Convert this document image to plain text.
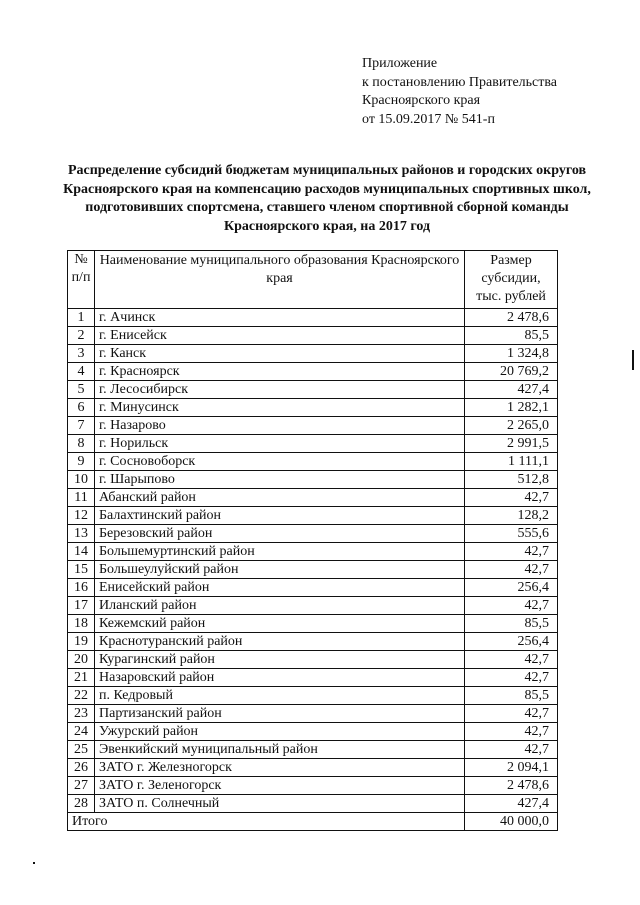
Приложение
к постановлению Правительства
Красноярского края
от 15.09.2017 № 541-п
Распределение субсидий бюджетам муниципальных районов и городских округов Красноярского края на компенсацию расходов муниципальных спортивных школ, подготовивших спортсмена, ставшего членом спортивной сборной команды Красноярского края, на 2017 год
№ п/п	Наименование муниципального образования Красноярского края	Размер субсидии, тыс. рублей
1	г. Ачинск	2 478,6
2	г. Енисейск	85,5
3	г. Канск	1 324,8
4	г. Красноярск	20 769,2
5	г. Лесосибирск	427,4
6	г. Минусинск	1 282,1
7	г. Назарово	2 265,0
8	г. Норильск	2 991,5
9	г. Сосновоборск	1 111,1
10	г. Шарыпово	512,8
11	Абанский район	42,7
12	Балахтинский район	128,2
13	Березовский район	555,6
14	Большемуртинский район	42,7
15	Большеулуйский район	42,7
16	Енисейский район	256,4
17	Иланский район	42,7
18	Кежемский район	85,5
19	Краснотуранский район	256,4
20	Курагинский район	42,7
21	Назаровский район	42,7
22	п. Кедровый	85,5
23	Партизанский район	42,7
24	Ужурский район	42,7
25	Эвенкийский муниципальный район	42,7
26	ЗАТО г. Железногорск	2 094,1
27	ЗАТО г. Зеленогорск	2 478,6
28	ЗАТО п. Солнечный	427,4
Итого		40 000,0
